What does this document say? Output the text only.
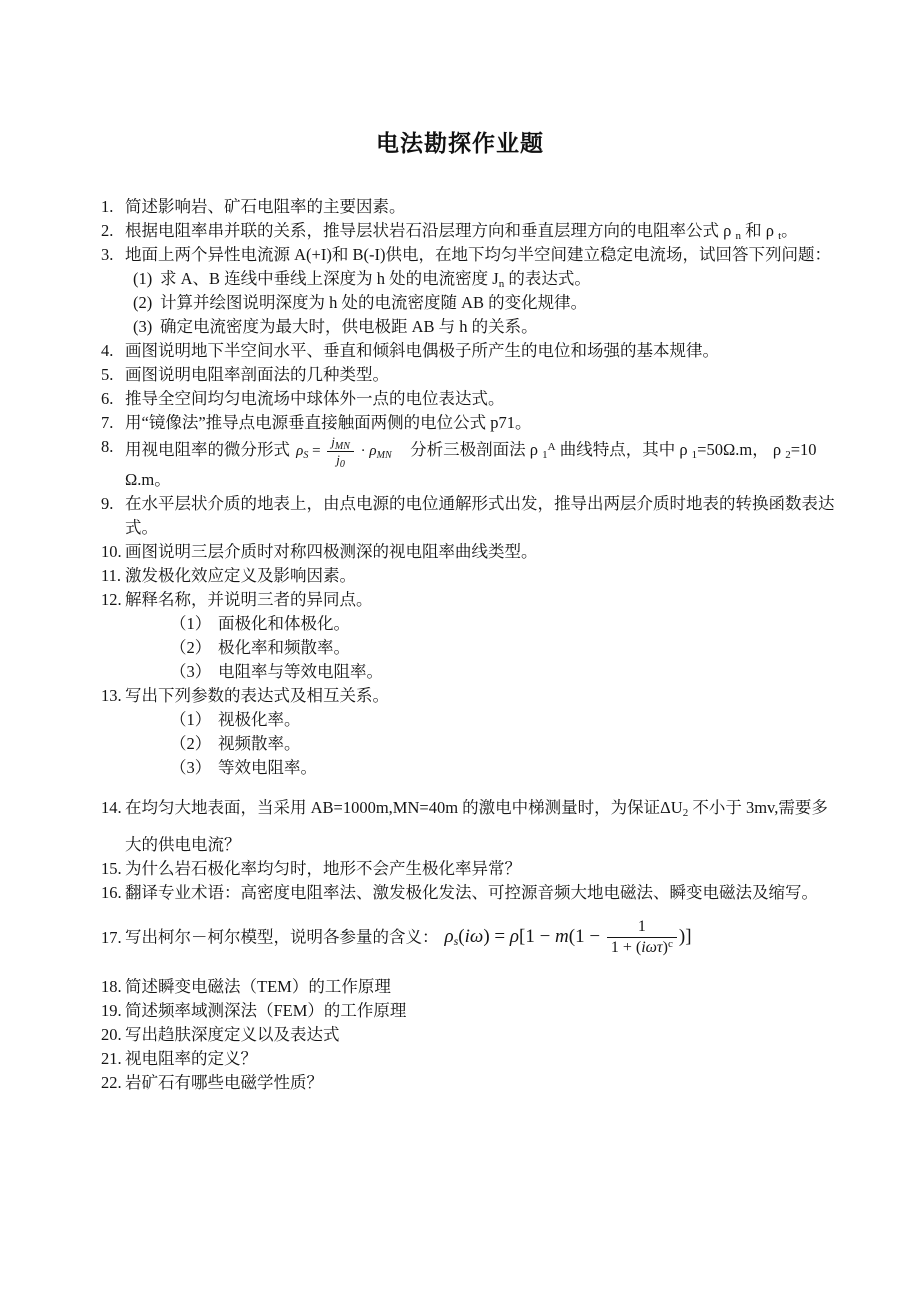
电法勘探作业题
1. 简述影响岩、矿石电阻率的主要因素。
2. 根据电阻率串并联的关系，推导层状岩石沿层理方向和垂直层理方向的电阻率公式 ρ $_n$ 和 ρ $_t$。
3. 地面上两个异性电流源 A(+I)和 B(-I)供电，在地下均匀半空间建立稳定电流场，试回答下列问题：
(1) 求 A、B 连线中垂线上深度为 h 处的电流密度 $J_n$ 的表达式。
(2) 计算并绘图说明深度为 h 处的电流密度随 AB 的变化规律。
(3) 确定电流密度为最大时，供电极距 AB 与 h 的关系。
4. 画图说明地下半空间水平、垂直和倾斜电偶极子所产生的电位和场强的基本规律。
5. 画图说明电阻率剖面法的几种类型。
6. 推导全空间均匀电流场中球体外一点的电位表达式。
7. 用“镜像法”推导点电源垂直接触面两侧的电位公式 p71。
8. 用视电阻率的微分形式 $\rho_S = \frac{j_{MN}}{j_0} \cdot \rho_{MN}$　分析三极剖面法 ρ $_1^A$ 曲线特点，其中 ρ $_1$=50Ω.m， ρ $_2$=10
Ω.m。
9. 在水平层状介质的地表上，由点电源的电位通解形式出发，推导出两层介质时地表的转换函数表达
式。
10. 画图说明三层介质时对称四极测深的视电阻率曲线类型。
11. 激发极化效应定义及影响因素。
12. 解释名称，并说明三者的异同点。
（1） 面极化和体极化。
（2） 极化率和频散率。
（3） 电阻率与等效电阻率。
13. 写出下列参数的表达式及相互关系。
（1） 视极化率。
（2） 视频散率。
（3） 等效电阻率。
14. 在均匀大地表面，当采用 AB=1000m,MN=40m 的激电中梯测量时，为保证$\Delta U_2$ 不小于 3mv,需要多
大的供电电流？
15. 为什么岩石极化率均匀时，地形不会产生极化率异常？
16. 翻译专业术语：高密度电阻率法、激发极化发法、可控源音频大地电磁法、瞬变电磁法及缩写。
17. 写出柯尔－柯尔模型，说明各参量的含义： $\rho_s(i\omega) = \rho[1 - m(1 - \frac{1}{1 + (i\omega\tau)^c}$ )]
18. 简述瞬变电磁法（TEM）的工作原理
19. 简述频率域测深法（FEM）的工作原理
20. 写出趋肤深度定义以及表达式
21. 视电阻率的定义？
22. 岩矿石有哪些电磁学性质？
